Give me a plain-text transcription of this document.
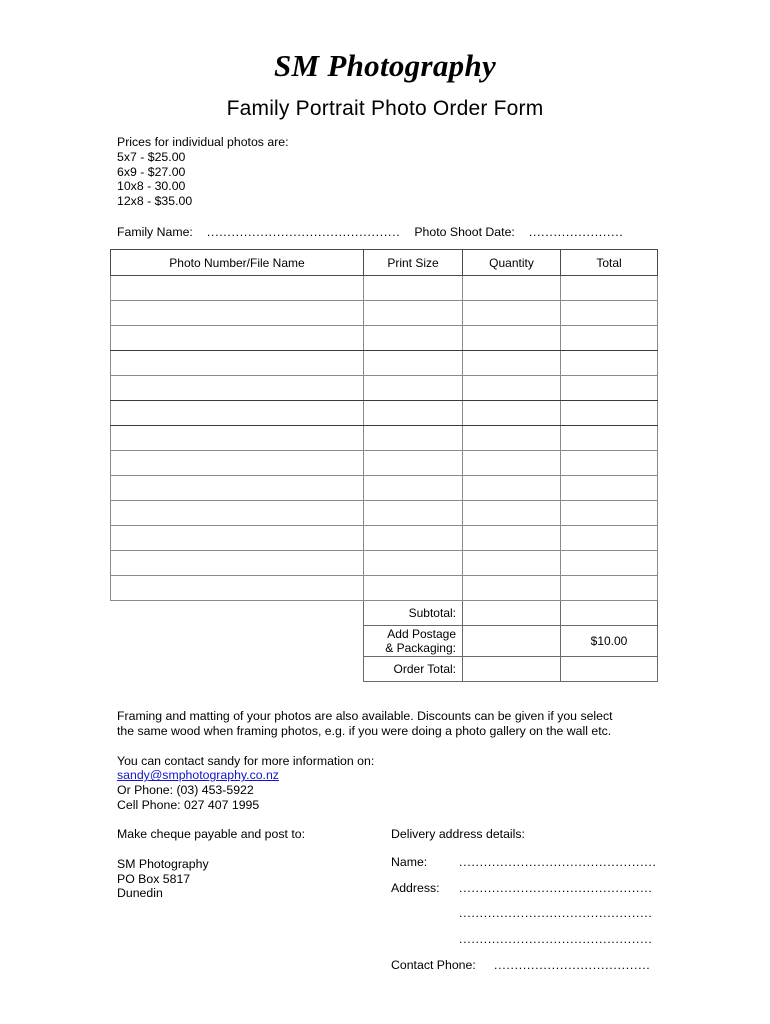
SM Photography
Family Portrait Photo Order Form
Prices for individual photos are:
5x7 - $25.00
6x9 - $27.00
10x8 - 30.00
12x8 - $35.00
Family Name: ............................................... Photo Shoot Date: .......................
Photo Number/File Name	Print Size	Quantity	Total

	Subtotal:		

	Add Postage
& Packaging:		$10.00
	Order Total:		

Framing and matting of your photos are also available. Discounts can be given if you select

the same wood when framing photos, e.g. if you were doing a photo gallery on the wall etc.

You can contact sandy for more information on:

sandy@smphotography.co.nz

Or Phone: (03) 453-5922

Cell Phone: 027 407 1995

Make cheque payable and post to:
SM Photography
PO Box 5817
Dunedin
Delivery address details:
Name:	................................................
Address:	...............................................
...............................................
...............................................
Contact Phone:	......................................
